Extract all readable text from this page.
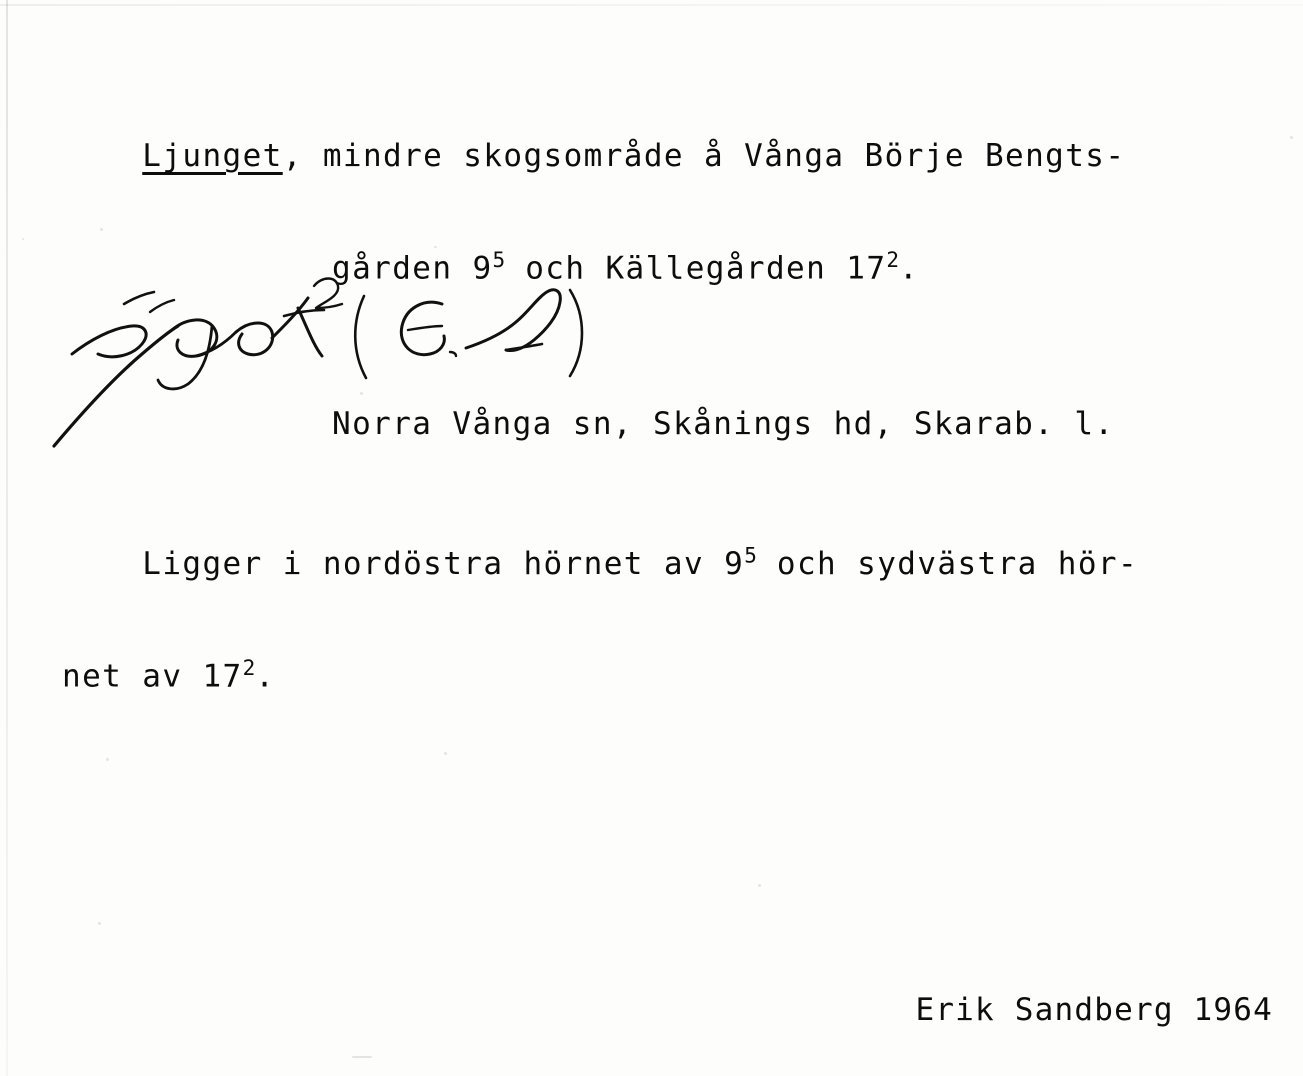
Ljunget, mindre skogsområde å Vånga Börje Bengts-

gården $9^5$ och Källegården $17^2$.

Norra Vånga sn, Skånings hd, Skarab. l.

Ligger i nordöstra hörnet av $9^5$ och sydvästra hör-

net av $17^2$.

Erik Sandberg 1964
